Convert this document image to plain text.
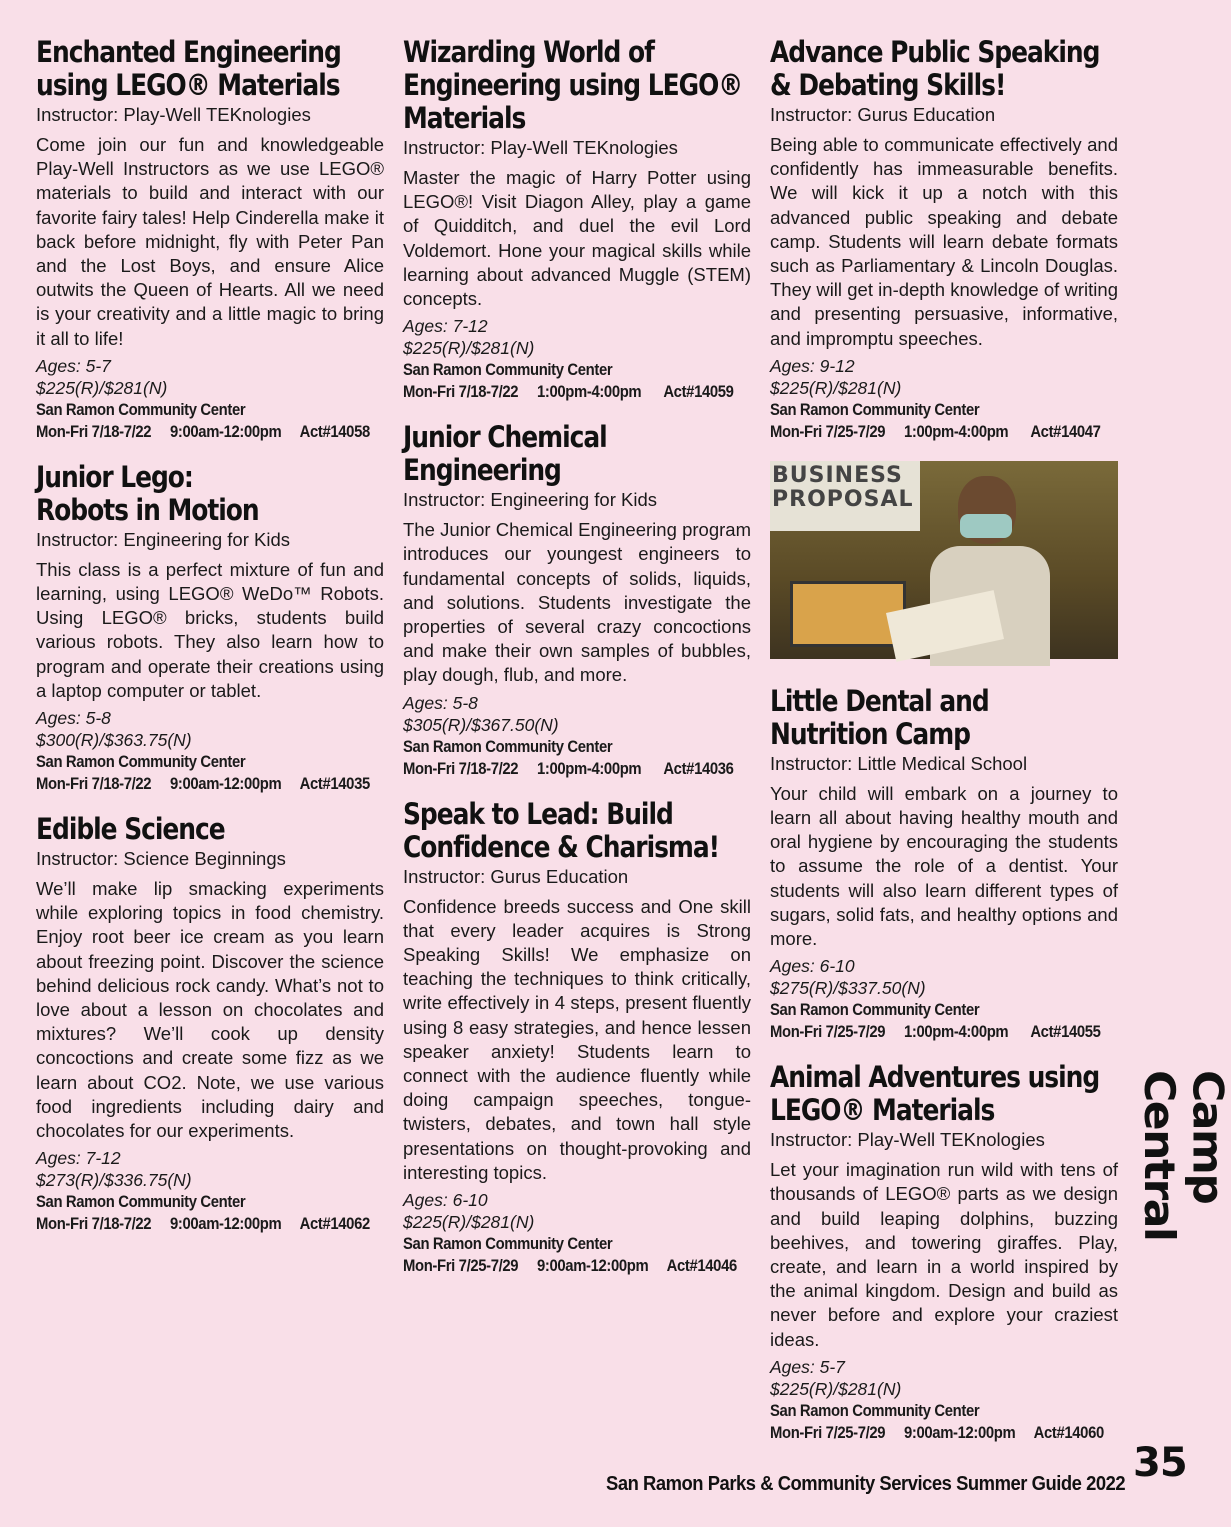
Enchanted Engineering
using LEGO® Materials
Instructor: Play-Well TEKnologies
Come join our fun and knowledgeable Play-Well Instructors as we use LEGO® materials to build and interact with our favorite fairy tales! Help Cinderella make it back before midnight, fly with Peter Pan and the Lost Boys, and ensure Alice outwits the Queen of Hearts. All we need is your creativity and a little magic to bring it all to life!
Ages: 5-7
$225(R)/$281(N)
San Ramon Community Center
Mon-Fri 7/18-7/22     9:00am-12:00pm     Act#14058
Junior Lego:
Robots in Motion
Instructor: Engineering for Kids
This class is a perfect mixture of fun and learning, using LEGO® WeDo™ Robots. Using LEGO® bricks, students build various robots. They also learn how to program and operate their creations using a laptop computer or tablet.
Ages: 5-8
$300(R)/$363.75(N)
San Ramon Community Center
Mon-Fri 7/18-7/22     9:00am-12:00pm     Act#14035
Edible Science
Instructor: Science Beginnings
We’ll make lip smacking experiments while exploring topics in food chemistry. Enjoy root beer ice cream as you learn about freezing point. Discover the science behind delicious rock candy. What’s not to love about a lesson on chocolates and mixtures? We’ll cook up density concoctions and create some fizz as we learn about CO2. Note, we use various food ingredients including dairy and chocolates for our experiments.
Ages: 7-12
$273(R)/$336.75(N)
San Ramon Community Center
Mon-Fri 7/18-7/22     9:00am-12:00pm     Act#14062
Wizarding World of
Engineering using LEGO®
Materials
Instructor: Play-Well TEKnologies
Master the magic of Harry Potter using LEGO®! Visit Diagon Alley, play a game of Quidditch, and duel the evil Lord Voldemort. Hone your magical skills while learning about advanced Muggle (STEM) concepts.
Ages: 7-12
$225(R)/$281(N)
San Ramon Community Center
Mon-Fri 7/18-7/22     1:00pm-4:00pm      Act#14059
Junior Chemical
Engineering
Instructor: Engineering for Kids
The Junior Chemical Engineering program introduces our youngest engineers to fundamental concepts of solids, liquids, and solutions. Students investigate the properties of several crazy concoctions and make their own samples of bubbles, play dough, flub, and more.
Ages: 5-8
$305(R)/$367.50(N)
San Ramon Community Center
Mon-Fri 7/18-7/22     1:00pm-4:00pm      Act#14036
Speak to Lead: Build
Confidence & Charisma!
Instructor: Gurus Education
Confidence breeds success and One skill that every leader acquires is Strong Speaking Skills! We emphasize on teaching the techniques to think critically, write effectively in 4 steps, present fluently using 8 easy strategies, and hence lessen speaker anxiety! Students learn to connect with the audience fluently while doing campaign speeches, tongue-twisters, debates, and town hall style presentations on thought-provoking and interesting topics.
Ages: 6-10
$225(R)/$281(N)
San Ramon Community Center
Mon-Fri 7/25-7/29     9:00am-12:00pm     Act#14046
Advance Public Speaking
& Debating Skills!
Instructor: Gurus Education
Being able to communicate effectively and confidently has immeasurable benefits. We will kick it up a notch with this advanced public speaking and debate camp. Students will learn debate formats such as Parliamentary & Lincoln Douglas. They will get in-depth knowledge of writing and presenting persuasive, informative, and impromptu speeches.
Ages: 9-12
$225(R)/$281(N)
San Ramon Community Center
Mon-Fri 7/25-7/29     1:00pm-4:00pm      Act#14047
BUSINESS
PROPOSAL
Little Dental and
Nutrition Camp
Instructor: Little Medical School
Your child will embark on a journey to learn all about having healthy mouth and oral hygiene by encouraging the students to assume the role of a dentist. Your students will also learn different types of sugars, solid fats, and healthy options and more.
Ages: 6-10
$275(R)/$337.50(N)
San Ramon Community Center
Mon-Fri 7/25-7/29     1:00pm-4:00pm      Act#14055
Animal Adventures using
LEGO® Materials
Instructor: Play-Well TEKnologies
Let your imagination run wild with tens of thousands of LEGO® parts as we design and build leaping dolphins, buzzing beehives, and towering giraffes. Play, create, and learn in a world inspired by the animal kingdom. Design and build as never before and explore your craziest ideas.
Ages: 5-7
$225(R)/$281(N)
San Ramon Community Center
Mon-Fri 7/25-7/29     9:00am-12:00pm     Act#14060
Camp Central
35
San Ramon Parks & Community Services Summer Guide 2022
